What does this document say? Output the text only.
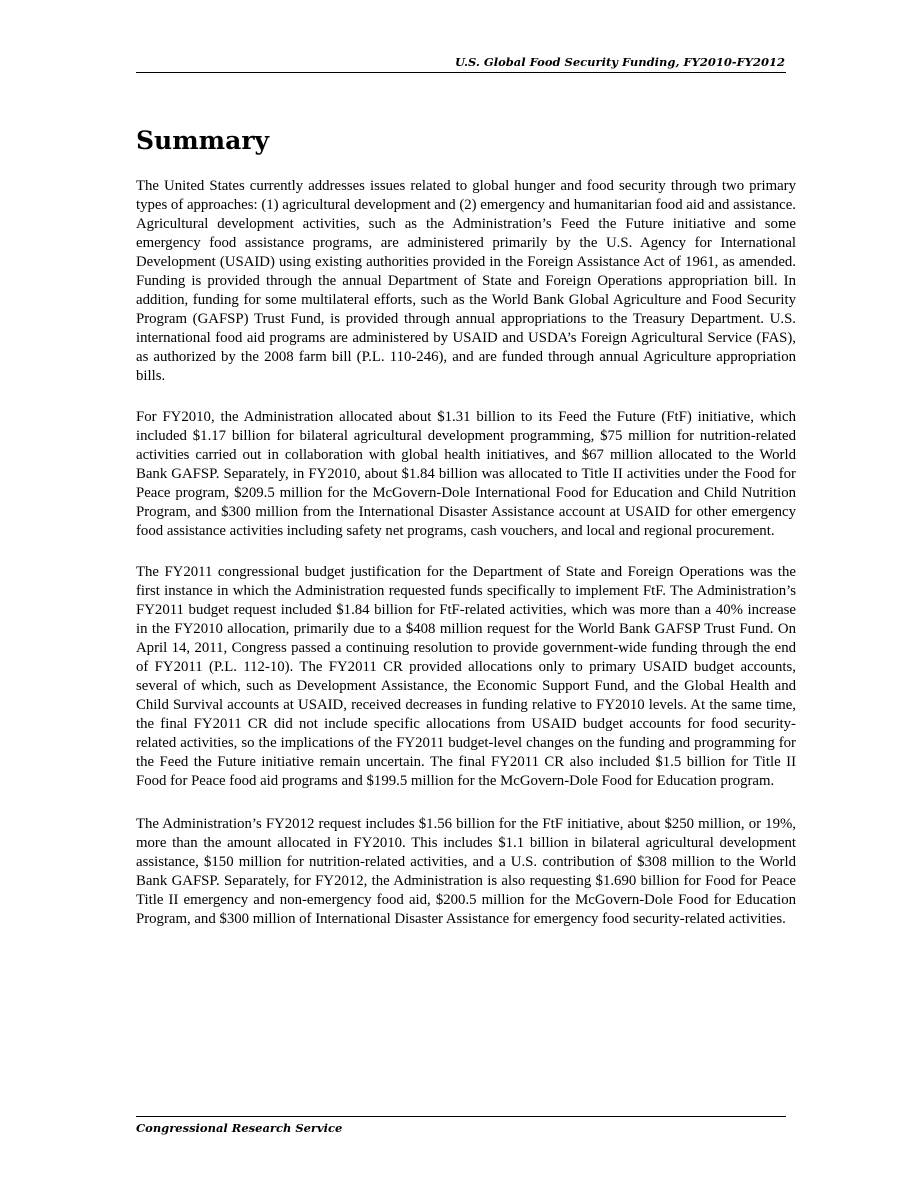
U.S. Global Food Security Funding, FY2010-FY2012
Summary

The United States currently addresses issues related to global hunger and food security through two primary types of approaches: (1) agricultural development and (2) emergency and humanitarian food aid and assistance. Agricultural development activities, such as the Administration’s Feed the Future initiative and some emergency food assistance programs, are administered primarily by the U.S. Agency for International Development (USAID) using existing authorities provided in the Foreign Assistance Act of 1961, as amended. Funding is provided through the annual Department of State and Foreign Operations appropriation bill. In addition, funding for some multilateral efforts, such as the World Bank Global Agriculture and Food Security Program (GAFSP) Trust Fund, is provided through annual appropriations to the Treasury Department. U.S. international food aid programs are administered by USAID and USDA’s Foreign Agricultural Service (FAS), as authorized by the 2008 farm bill (P.L. 110-246), and are funded through annual Agriculture appropriation bills.

For FY2010, the Administration allocated about $1.31 billion to its Feed the Future (FtF) initiative, which included $1.17 billion for bilateral agricultural development programming, $75 million for nutrition-related activities carried out in collaboration with global health initiatives, and $67 million allocated to the World Bank GAFSP. Separately, in FY2010, about $1.84 billion was allocated to Title II activities under the Food for Peace program, $209.5 million for the McGovern-Dole International Food for Education and Child Nutrition Program, and $300 million from the International Disaster Assistance account at USAID for other emergency food assistance activities including safety net programs, cash vouchers, and local and regional procurement.

The FY2011 congressional budget justification for the Department of State and Foreign Operations was the first instance in which the Administration requested funds specifically to implement FtF. The Administration’s FY2011 budget request included $1.84 billion for FtF-related activities, which was more than a 40% increase in the FY2010 allocation, primarily due to a $408 million request for the World Bank GAFSP Trust Fund. On April 14, 2011, Congress passed a continuing resolution to provide government-wide funding through the end of FY2011 (P.L. 112-10). The FY2011 CR provided allocations only to primary USAID budget accounts, several of which, such as Development Assistance, the Economic Support Fund, and the Global Health and Child Survival accounts at USAID, received decreases in funding relative to FY2010 levels. At the same time, the final FY2011 CR did not include specific allocations from USAID budget accounts for food security-related activities, so the implications of the FY2011 budget-level changes on the funding and programming for the Feed the Future initiative remain uncertain. The final FY2011 CR also included $1.5 billion for Title II Food for Peace food aid programs and $199.5 million for the McGovern-Dole Food for Education program.

The Administration’s FY2012 request includes $1.56 billion for the FtF initiative, about $250 million, or 19%, more than the amount allocated in FY2010. This includes $1.1 billion in bilateral agricultural development assistance, $150 million for nutrition-related activities, and a U.S. contribution of $308 million to the World Bank GAFSP. Separately, for FY2012, the Administration is also requesting $1.690 billion for Food for Peace Title II emergency and non-emergency food aid, $200.5 million for the McGovern-Dole Food for Education Program, and $300 million of International Disaster Assistance for emergency food security-related activities.

Congressional Research Service
